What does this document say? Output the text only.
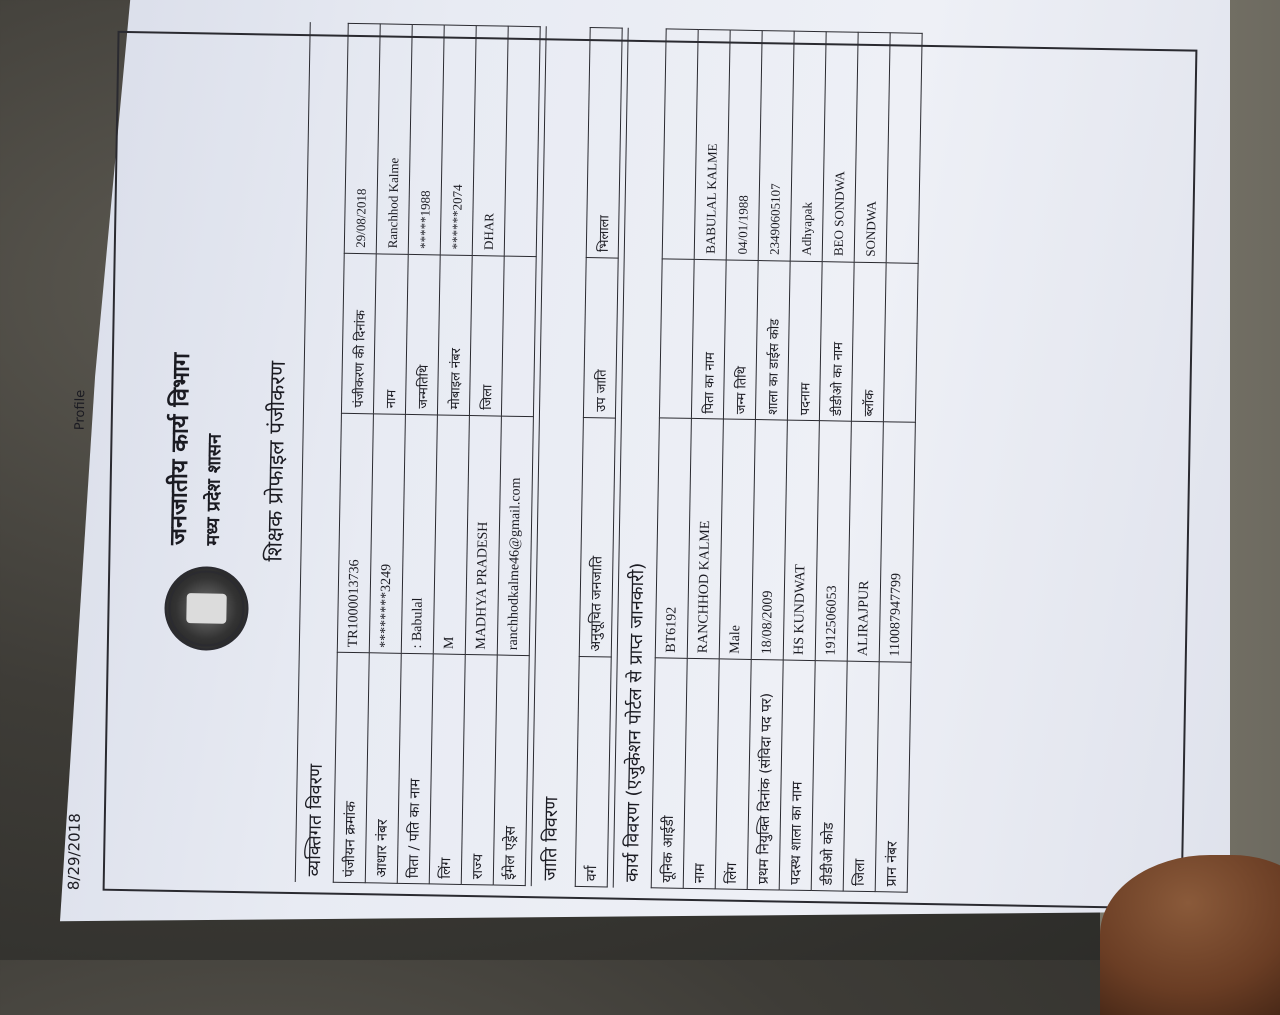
8/29/2018
Profile	जनजातीय कार्य विभाग मध्य प्रदेश शासन शिक्षक प्रोफाइल पंजीकरण
व्यक्तिगत विवरण	पंजीयन क्रमांक	TR1000013736	पंजीकरण की दिनांक	29/08/2018
आधार नंबर	********3249	नाम	Ranchhod Kalme
पिता / पति का नाम	: Babulal	जन्मतिथि	*****1988
लिंग	M	मोबाइल नंबर	******2074
राज्य	MADHYA PRADESH	जिला	DHAR
ईमेल एड्रेस	ranchhodkalme46@gmail.com		
जाति विवरण	वर्ग	अनुसूचित जनजाति	उप जाति	भिलाला
कार्य विवरण (एजुकेशन पोर्टल से प्राप्त जानकारी) यूनिक आईडी	BT6192		
नाम	RANCHHOD KALME	पिता का नाम	BABULAL KALME
लिंग	Male	जन्म तिथि	04/01/1988
प्रथम नियुक्ति दिनांक (संविदा पद पर)	18/08/2009	शाला का डाईस कोड	23490605107
पदस्थ शाला का नाम	HS KUNDWAT	पदनाम	Adhyapak
डीडीओ कोड	1912506053	डीडीओ का नाम	BEO SONDWA
जिला	ALIRAJPUR	ब्लॉक	SONDWA
प्रान नंबर	110087947799		
